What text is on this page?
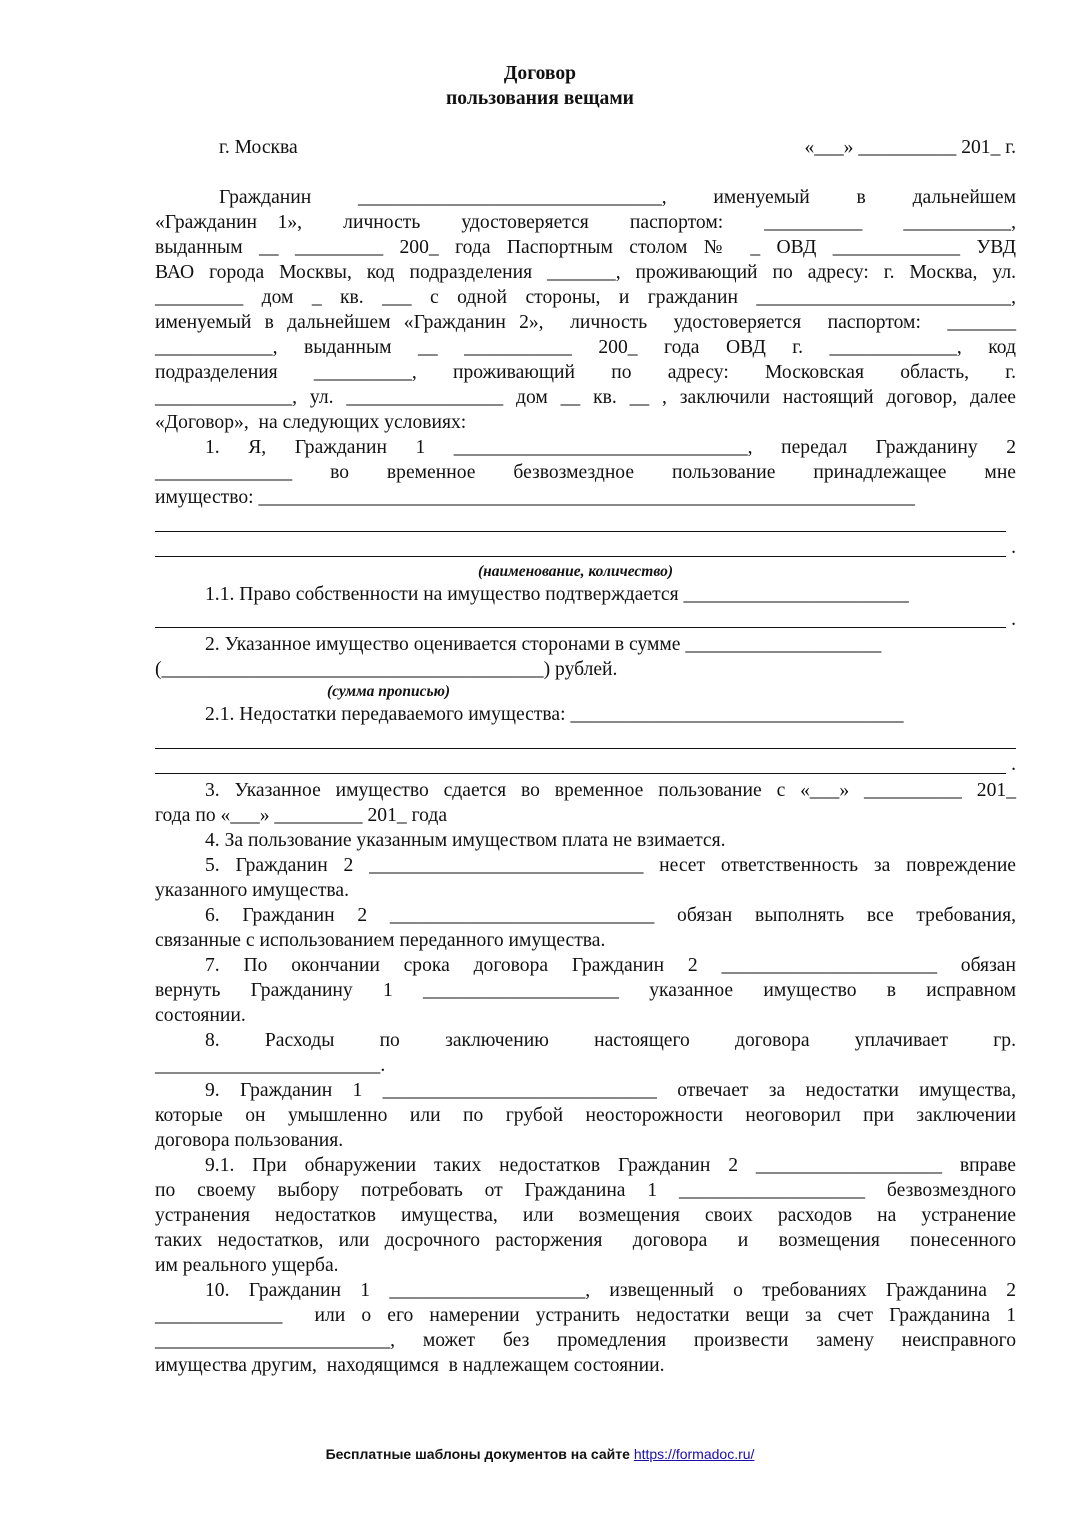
Договор

пользования вещами

г. Москва	«___» __________ 201_ г.

Гражданин  _______________________________,  именуемый  в  дальнейшем

«Гражданин 1»,  личность  удостоверяется  паспортом:  __________  ___________,

выданным __ _________ 200_ года Паспортным столом № _ ОВД _____________ УВД

ВАО города Москвы, код подразделения _______, проживающий по адресу: г. Москва, ул.

_________ дом _ кв. ___ с одной стороны, и гражданин __________________________,

именуемый в дальнейшем «Гражданин 2»,  личность  удостоверяется  паспортом:  _______

____________,  выданным  __  ___________  200_  года  ОВД  г.  _____________,  код

подразделения  __________,  проживающий  по  адресу:  Московская  область,  г.

______________, ул. ________________ дом __ кв. __ , заключили настоящий договор, далее

«Договор»,  на следующих условиях:

1. Я, Гражданин 1 ______________________________, передал Гражданину 2

______________  во  временное  безвозмездное  пользование  принадлежащее  мне

имущество: ___________________________________________________________________

.

1.1. Право собственности на имущество подтверждается _______________________

.

2. Указанное имущество оценивается сторонами в сумме ____________________

(_______________________________________) рублей.

2.1. Недостатки передаваемого имущества: __________________________________

.

3. Указанное имущество сдается во временное пользование с «___» __________ 201_

года по «___» _________ 201_ года

4. За пользование указанным имуществом плата не взимается.

5. Гражданин 2 ____________________________ несет ответственность за повреждение

указанного имущества.

6.  Гражданин  2  ___________________________  обязан  выполнять  все  требования,

связанные с использованием переданного имущества.

7.  По  окончании  срока  договора  Гражданин  2  ______________________  обязан

вернуть  Гражданину  1  ____________________  указанное  имущество  в  исправном

состоянии.

8.  Расходы  по  заключению  настоящего  договора  уплачивает  гр.

_______________________.

9. Гражданин 1 ____________________________ отвечает за недостатки имущества,

которые  он  умышленно  или  по  грубой  неосторожности  неоговорил  при  заключении

договора пользования.

9.1. При обнаружении таких недостатков Гражданин 2 ___________________ вправе

по  своему  выбору  потребовать  от  Гражданина  1  ___________________  безвозмездного

устранения  недостатков  имущества,  или  возмещения  своих  расходов  на  устранение

таких недостатков, или досрочного расторжения  договора  и  возмещения  понесенного

им реального ущерба.

10. Гражданин 1 ____________________, извещенный о требованиях Гражданина 2

_____________  или о его намерении устранить недостатки вещи за счет Гражданина 1

________________________,  может  без  промедления  произвести  замену  неисправного

имущества другим,  находящимся  в надлежащем состоянии.

(наименование, количество)

(сумма прописью)

Бесплатные шаблоны документов на сайте https://formadoc.ru/
